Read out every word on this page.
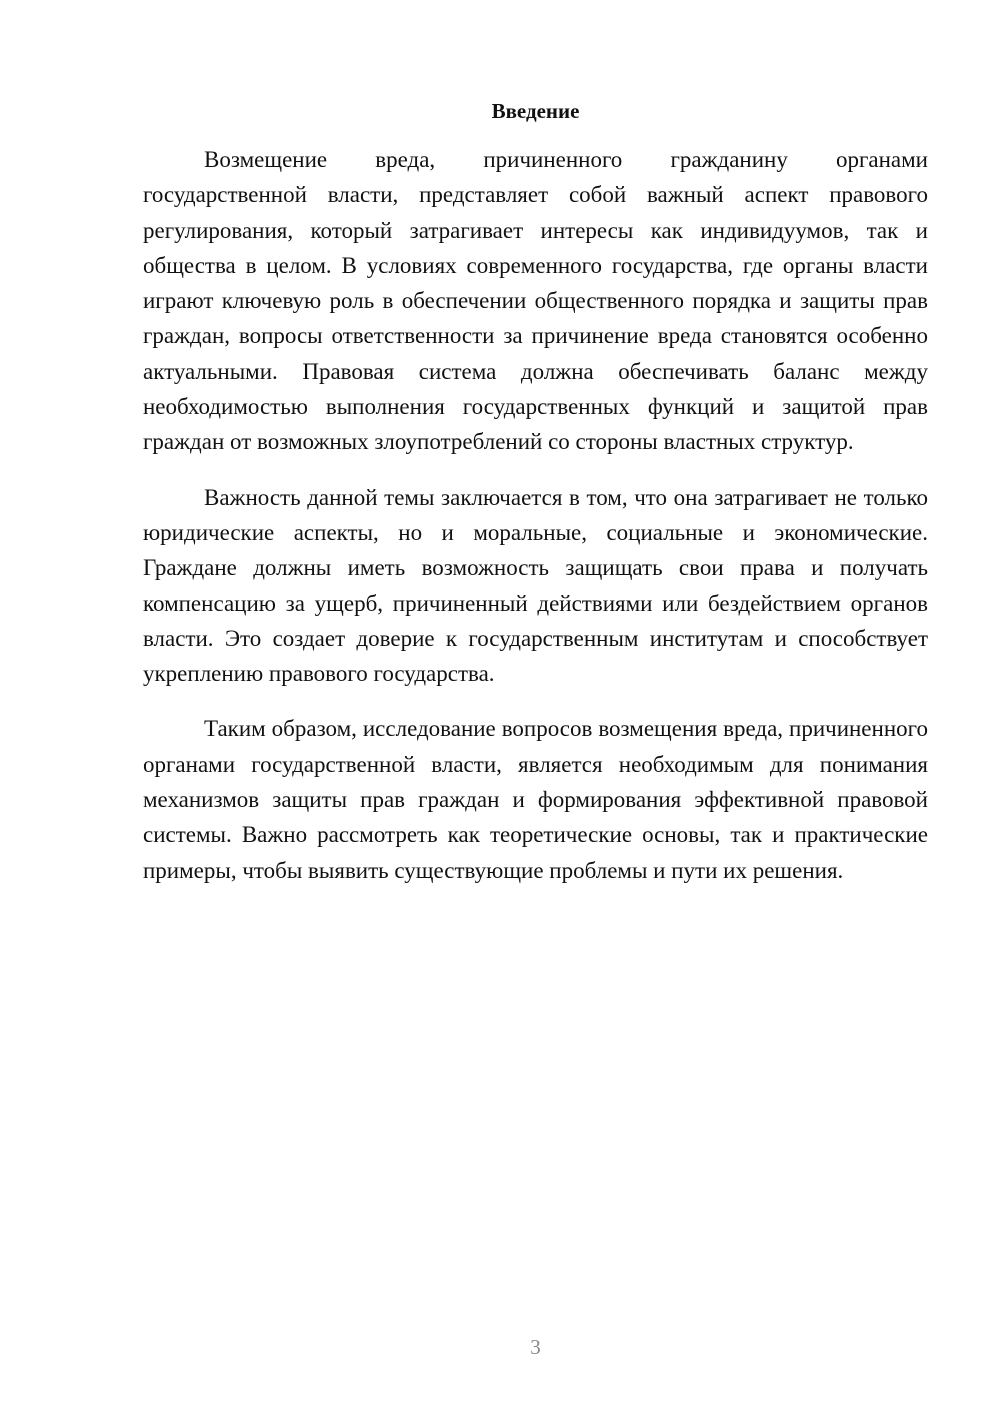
Введение

Возмещение вреда, причиненного гражданину органами государственной власти, представляет собой важный аспект правового регулирования, который затрагивает интересы как индивидуумов, так и общества в целом. В условиях современного государства, где органы власти играют ключевую роль в обеспечении общественного порядка и защиты прав граждан, вопросы ответственности за причинение вреда становятся особенно актуальными. Правовая система должна обеспечивать баланс между необходимостью выполнения государственных функций и защитой прав граждан от возможных злоупотреблений со стороны властных структур.

Важность данной темы заключается в том, что она затрагивает не только юридические аспекты, но и моральные, социальные и экономические. Граждане должны иметь возможность защищать свои права и получать компенсацию за ущерб, причиненный действиями или бездействием органов власти. Это создает доверие к государственным институтам и способствует укреплению правового государства.

Таким образом, исследование вопросов возмещения вреда, причиненного органами государственной власти, является необходимым для понимания механизмов защиты прав граждан и формирования эффективной правовой системы. Важно рассмотреть как теоретические основы, так и практические примеры, чтобы выявить существующие проблемы и пути их решения.

3
